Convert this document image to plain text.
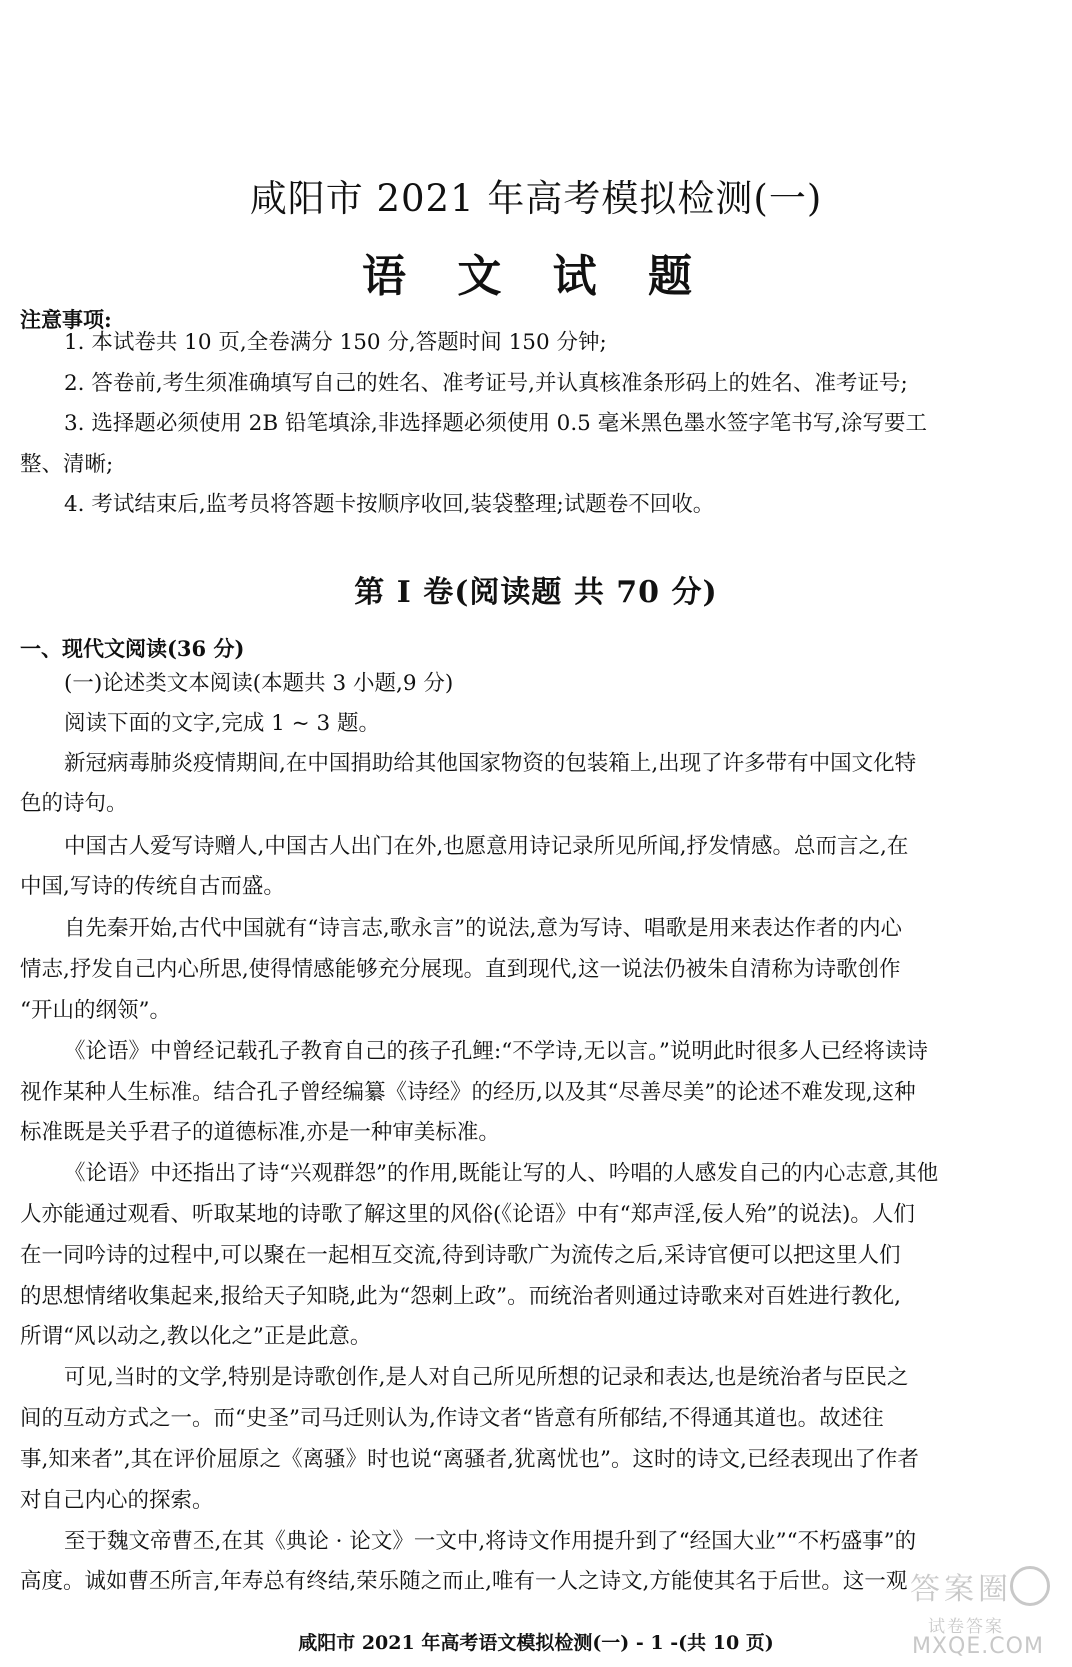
咸阳市 2021 年高考模拟检测(一)
语 文 试 题
注意事项:
1. 本试卷共 10 页,全卷满分 150 分,答题时间 150 分钟;
2. 答卷前,考生须准确填写自己的姓名、准考证号,并认真核准条形码上的姓名、准考证号;
3. 选择题必须使用 2B 铅笔填涂,非选择题必须使用 0.5 毫米黑色墨水签字笔书写,涂写要工
整、清晰;
4. 考试结束后,监考员将答题卡按顺序收回,装袋整理;试题卷不回收。
第 I 卷(阅读题 共 70 分)
一、现代文阅读(36 分)
(一)论述类文本阅读(本题共 3 小题,9 分)
阅读下面的文字,完成 1 ~ 3 题。
新冠病毒肺炎疫情期间,在中国捐助给其他国家物资的包装箱上,出现了许多带有中国文化特
色的诗句。
中国古人爱写诗赠人,中国古人出门在外,也愿意用诗记录所见所闻,抒发情感。总而言之,在
中国,写诗的传统自古而盛。
自先秦开始,古代中国就有“诗言志,歌永言”的说法,意为写诗、唱歌是用来表达作者的内心
情志,抒发自己内心所思,使得情感能够充分展现。直到现代,这一说法仍被朱自清称为诗歌创作
“开山的纲领”。
《论语》中曾经记载孔子教育自己的孩子孔鲤:“不学诗,无以言。”说明此时很多人已经将读诗
视作某种人生标准。结合孔子曾经编纂《诗经》的经历,以及其“尽善尽美”的论述不难发现,这种
标准既是关乎君子的道德标准,亦是一种审美标准。
《论语》中还指出了诗“兴观群怨”的作用,既能让写的人、吟唱的人感发自己的内心志意,其他
人亦能通过观看、听取某地的诗歌了解这里的风俗(《论语》中有“郑声淫,佞人殆”的说法)。人们
在一同吟诗的过程中,可以聚在一起相互交流,待到诗歌广为流传之后,采诗官便可以把这里人们
的思想情绪收集起来,报给天子知晓,此为“怨刺上政”。而统治者则通过诗歌来对百姓进行教化,
所谓“风以动之,教以化之”正是此意。
可见,当时的文学,特别是诗歌创作,是人对自己所见所想的记录和表达,也是统治者与臣民之
间的互动方式之一。而“史圣”司马迁则认为,作诗文者“皆意有所郁结,不得通其道也。故述往
事,知来者”,其在评价屈原之《离骚》时也说“离骚者,犹离忧也”。这时的诗文,已经表现出了作者
对自己内心的探索。
至于魏文帝曹丕,在其《典论 · 论文》一文中,将诗文作用提升到了“经国大业”“不朽盛事”的
高度。诚如曹丕所言,年寿总有终结,荣乐随之而止,唯有一人之诗文,方能使其名于后世。这一观
咸阳市 2021 年高考语文模拟检测(一) - 1 -(共 10 页)
答案圈
试卷答案
MXQE.COM
